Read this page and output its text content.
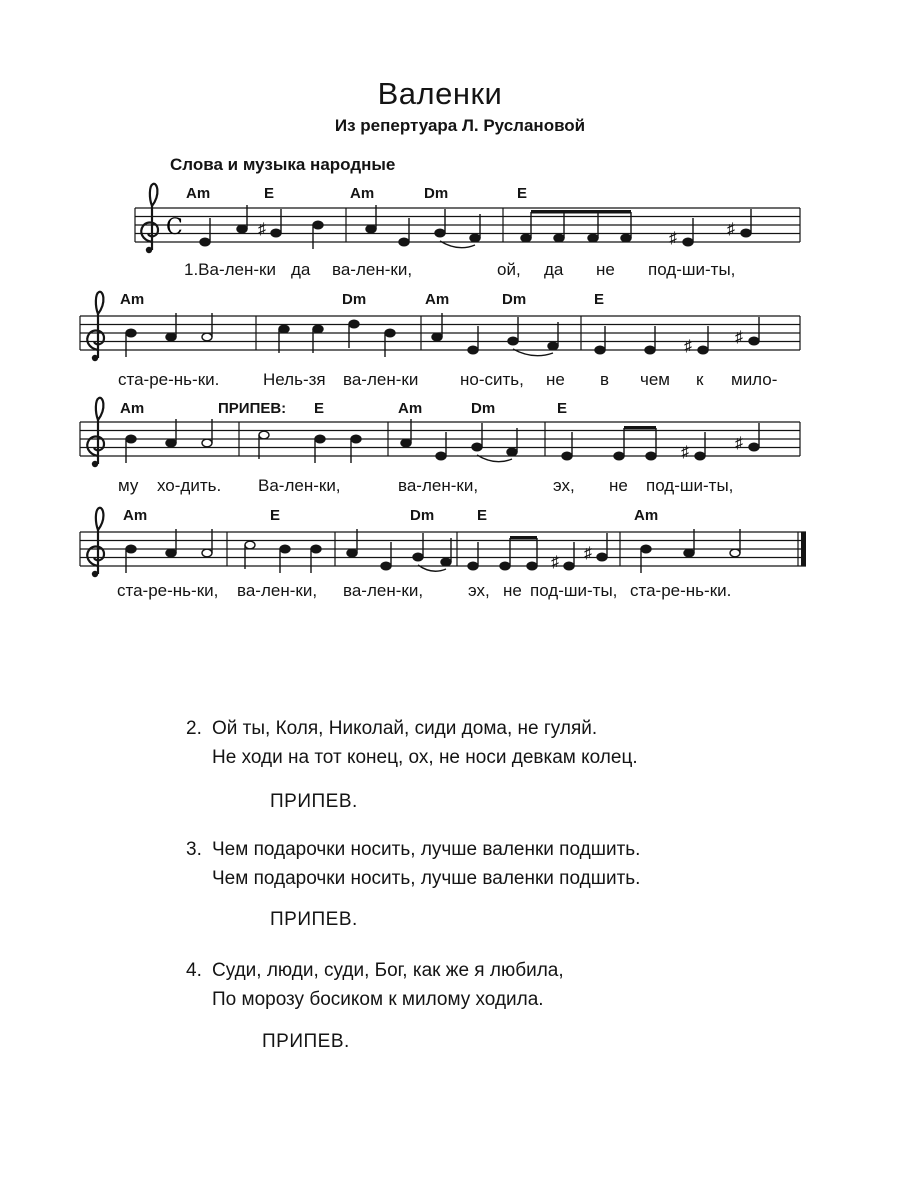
Валенки
Из репертуара Л. Руслановой
Слова и музыка народные
Am	E	Am	Dm	E
C	♯
♯
♯
1.Ва-лен-ки да ва-лен-ки,	ой, да не под-ши-ты,
Am	Dm	Am	Dm	E
♯
♯
ста-ре-нь-ки.	Нель-зя ва-лен-ки но-сить, не в чем к мило-
Am	ПРИПЕВ: E	Am	Dm	E
♯
♯
му хо-дить. Ва-лен-ки,	ва-лен-ки,	эх, не под-ши-ты,
Am	E	Dm	E	Am
♯
♯
ста-ре-нь-ки, ва-лен-ки, ва-лен-ки,	эх, не под-ши-ты, ста-ре-нь-ки.
2. Ой ты, Коля, Николай, сиди дома, не гуляй.
Не ходи на тот конец, ох, не носи девкам колец.
ПРИПЕВ.
3. Чем подарочки носить, лучше валенки подшить.
Чем подарочки носить, лучше валенки подшить.
ПРИПЕВ.
4. Суди, люди, суди, Бог, как же я любила,
По морозу босиком к милому ходила.
ПРИПЕВ.
